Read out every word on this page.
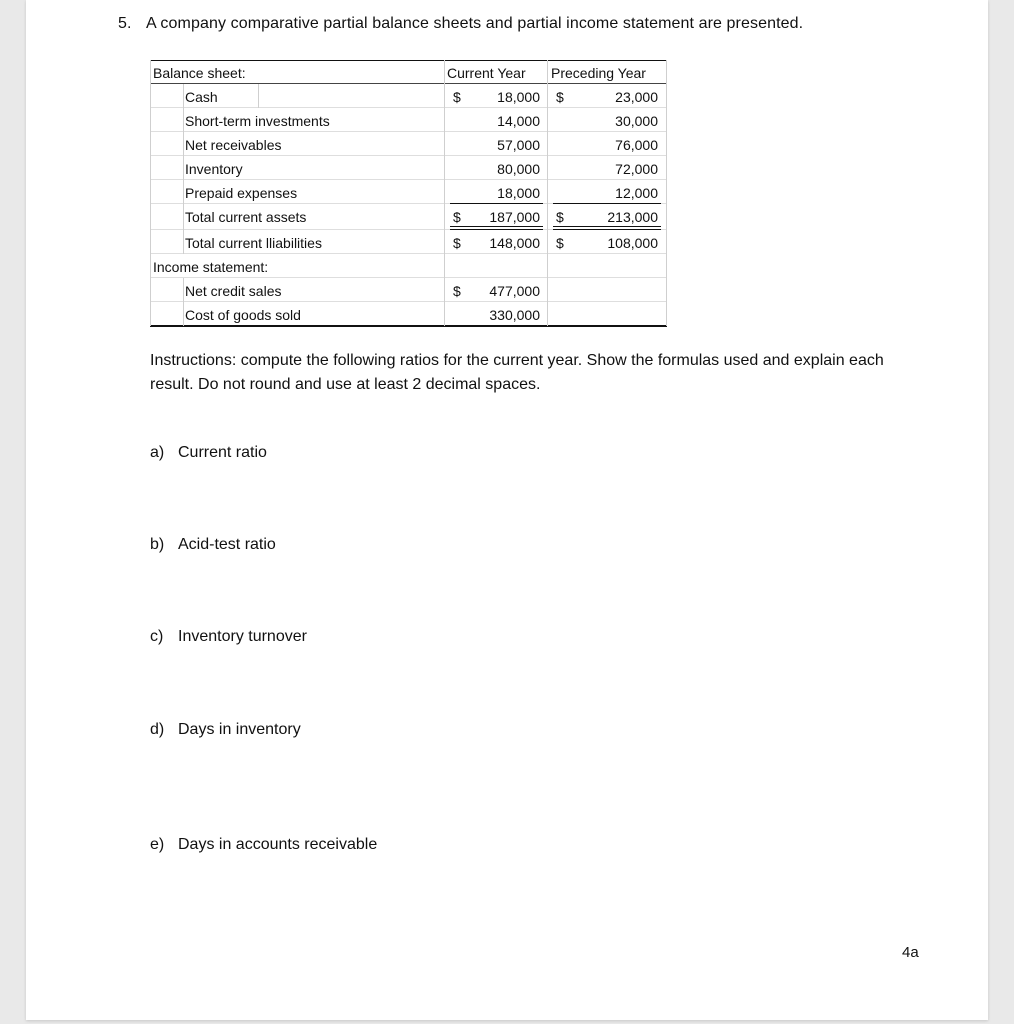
5. A company comparative partial balance sheets and partial income statement are presented.
Balance sheet:	Current Year Preceding Year
Cash	$	18,000 $	23,000
Short-term investments	14,000	30,000
Net receivables	57,000	76,000
Inventory	80,000	72,000
Prepaid expenses	18,000	12,000
Total current assets	$	187,000 $	213,000
Total current lliabilities	$	148,000 $	108,000
Income statement:
Net credit sales	$	477,000
Cost of goods sold	330,000
Instructions: compute the following ratios for the current year. Show the formulas used and explain each result. Do not round and use at least 2 decimal spaces.
a) Current ratio
b) Acid-test ratio
c) Inventory turnover
d) Days in inventory
e) Days in accounts receivable
4a
